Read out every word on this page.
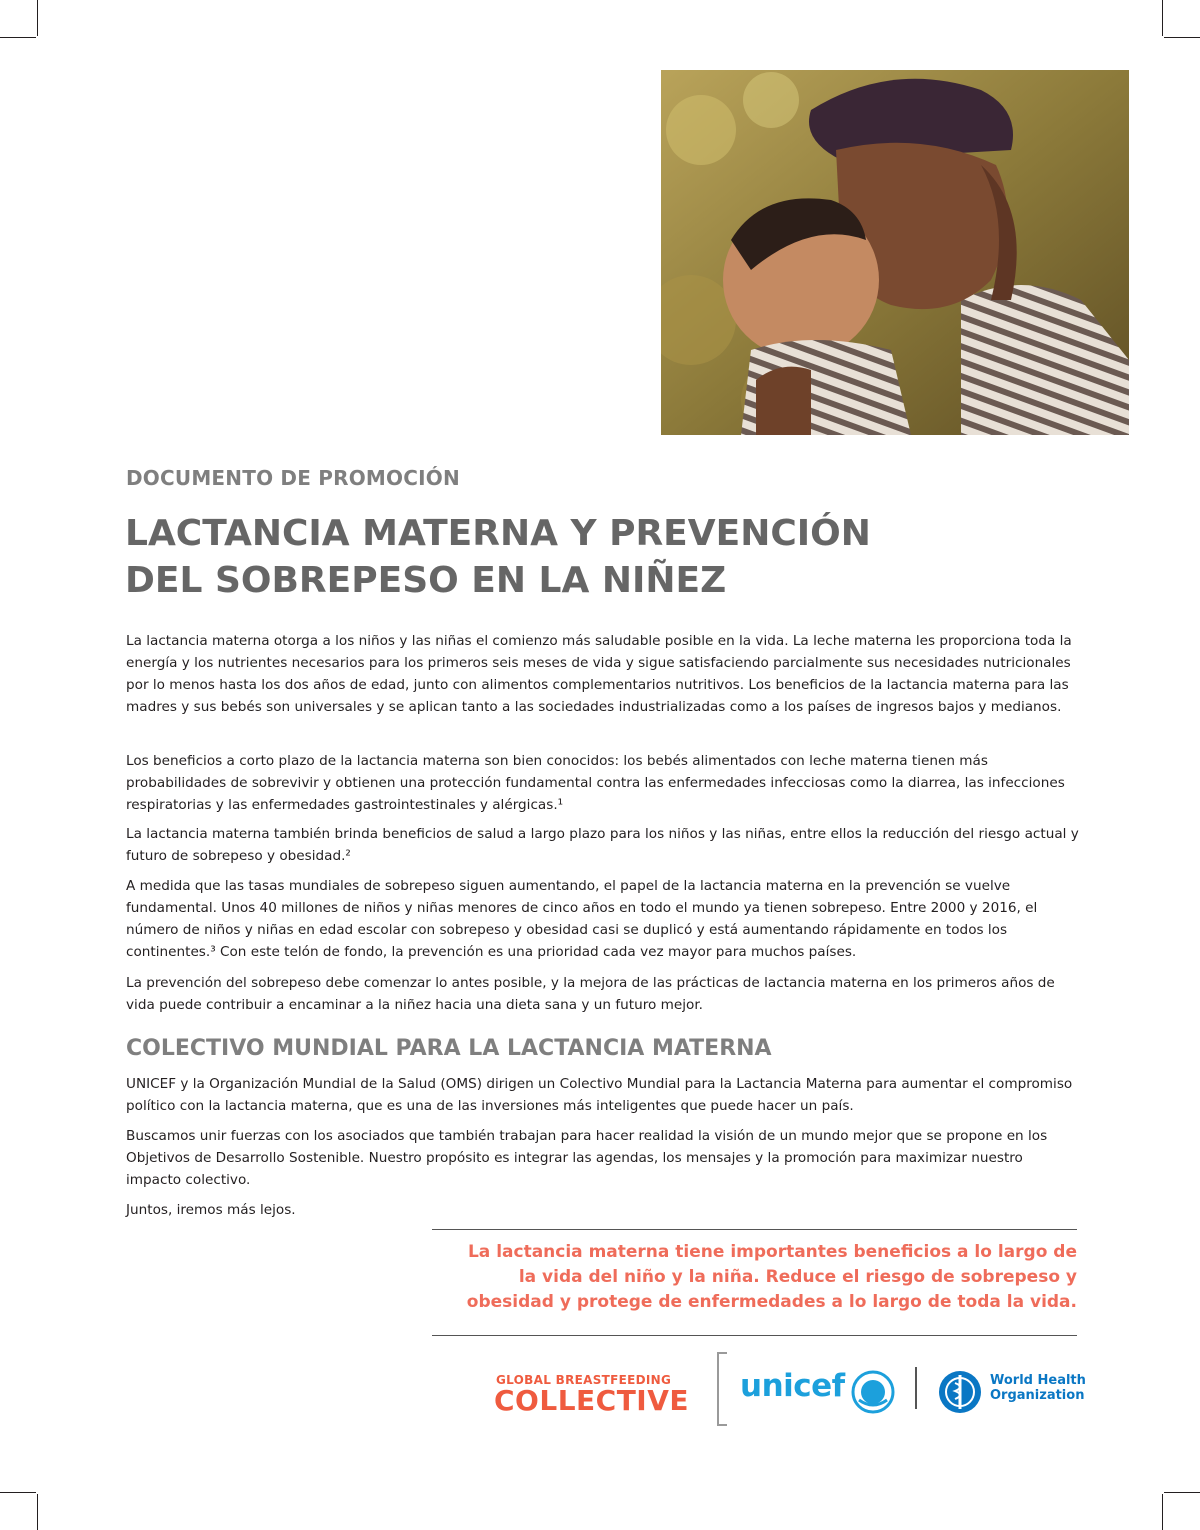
DOCUMENTO DE PROMOCIÓN
LACTANCIA MATERNA Y PREVENCIÓN
DEL SOBREPESO EN LA NIÑEZ

La lactancia materna otorga a los niños y las niñas el comienzo más saludable posible en la vida. La leche materna les proporciona toda la energía y los nutrientes necesarios para los primeros seis meses de vida y sigue satisfaciendo parcialmente sus necesidades nutricionales por lo menos hasta los dos años de edad, junto con alimentos complementarios nutritivos. Los beneficios de la lactancia materna para las madres y sus bebés son universales y se aplican tanto a las sociedades industrializadas como a los países de ingresos bajos y medianos.

Los beneficios a corto plazo de la lactancia materna son bien conocidos: los bebés alimentados con leche materna tienen más probabilidades de sobrevivir y obtienen una protección fundamental contra las enfermedades infecciosas como la diarrea, las infecciones respiratorias y las enfermedades gastrointestinales y alérgicas.¹

La lactancia materna también brinda beneficios de salud a largo plazo para los niños y las niñas, entre ellos la reducción del riesgo actual y futuro de sobrepeso y obesidad.²

A medida que las tasas mundiales de sobrepeso siguen aumentando, el papel de la lactancia materna en la prevención se vuelve fundamental. Unos 40 millones de niños y niñas menores de cinco años en todo el mundo ya tienen sobrepeso. Entre 2000 y 2016, el número de niños y niñas en edad escolar con sobrepeso y obesidad casi se duplicó y está aumentando rápidamente en todos los continentes.³ Con este telón de fondo, la prevención es una prioridad cada vez mayor para muchos países.

La prevención del sobrepeso debe comenzar lo antes posible, y la mejora de las prácticas de lactancia materna en los primeros años de vida puede contribuir a encaminar a la niñez hacia una dieta sana y un futuro mejor.

COLECTIVO MUNDIAL PARA LA LACTANCIA MATERNA

UNICEF y la Organización Mundial de la Salud (OMS) dirigen un Colectivo Mundial para la Lactancia Materna para aumentar el compromiso político con la lactancia materna, que es una de las inversiones más inteligentes que puede hacer un país.

Buscamos unir fuerzas con los asociados que también trabajan para hacer realidad la visión de un mundo mejor que se propone en los Objetivos de Desarrollo Sostenible. Nuestro propósito es integrar las agendas, los mensajes y la promoción para maximizar nuestro impacto colectivo.

Juntos, iremos más lejos.

La lactancia materna tiene importantes beneficios a lo largo de
la vida del niño y la niña. Reduce el riesgo de sobrepeso y
obesidad y protege de enfermedades a lo largo de toda la vida.

GLOBAL BREASTFEEDING

COLLECTIVE unicef	World Health
Organization
